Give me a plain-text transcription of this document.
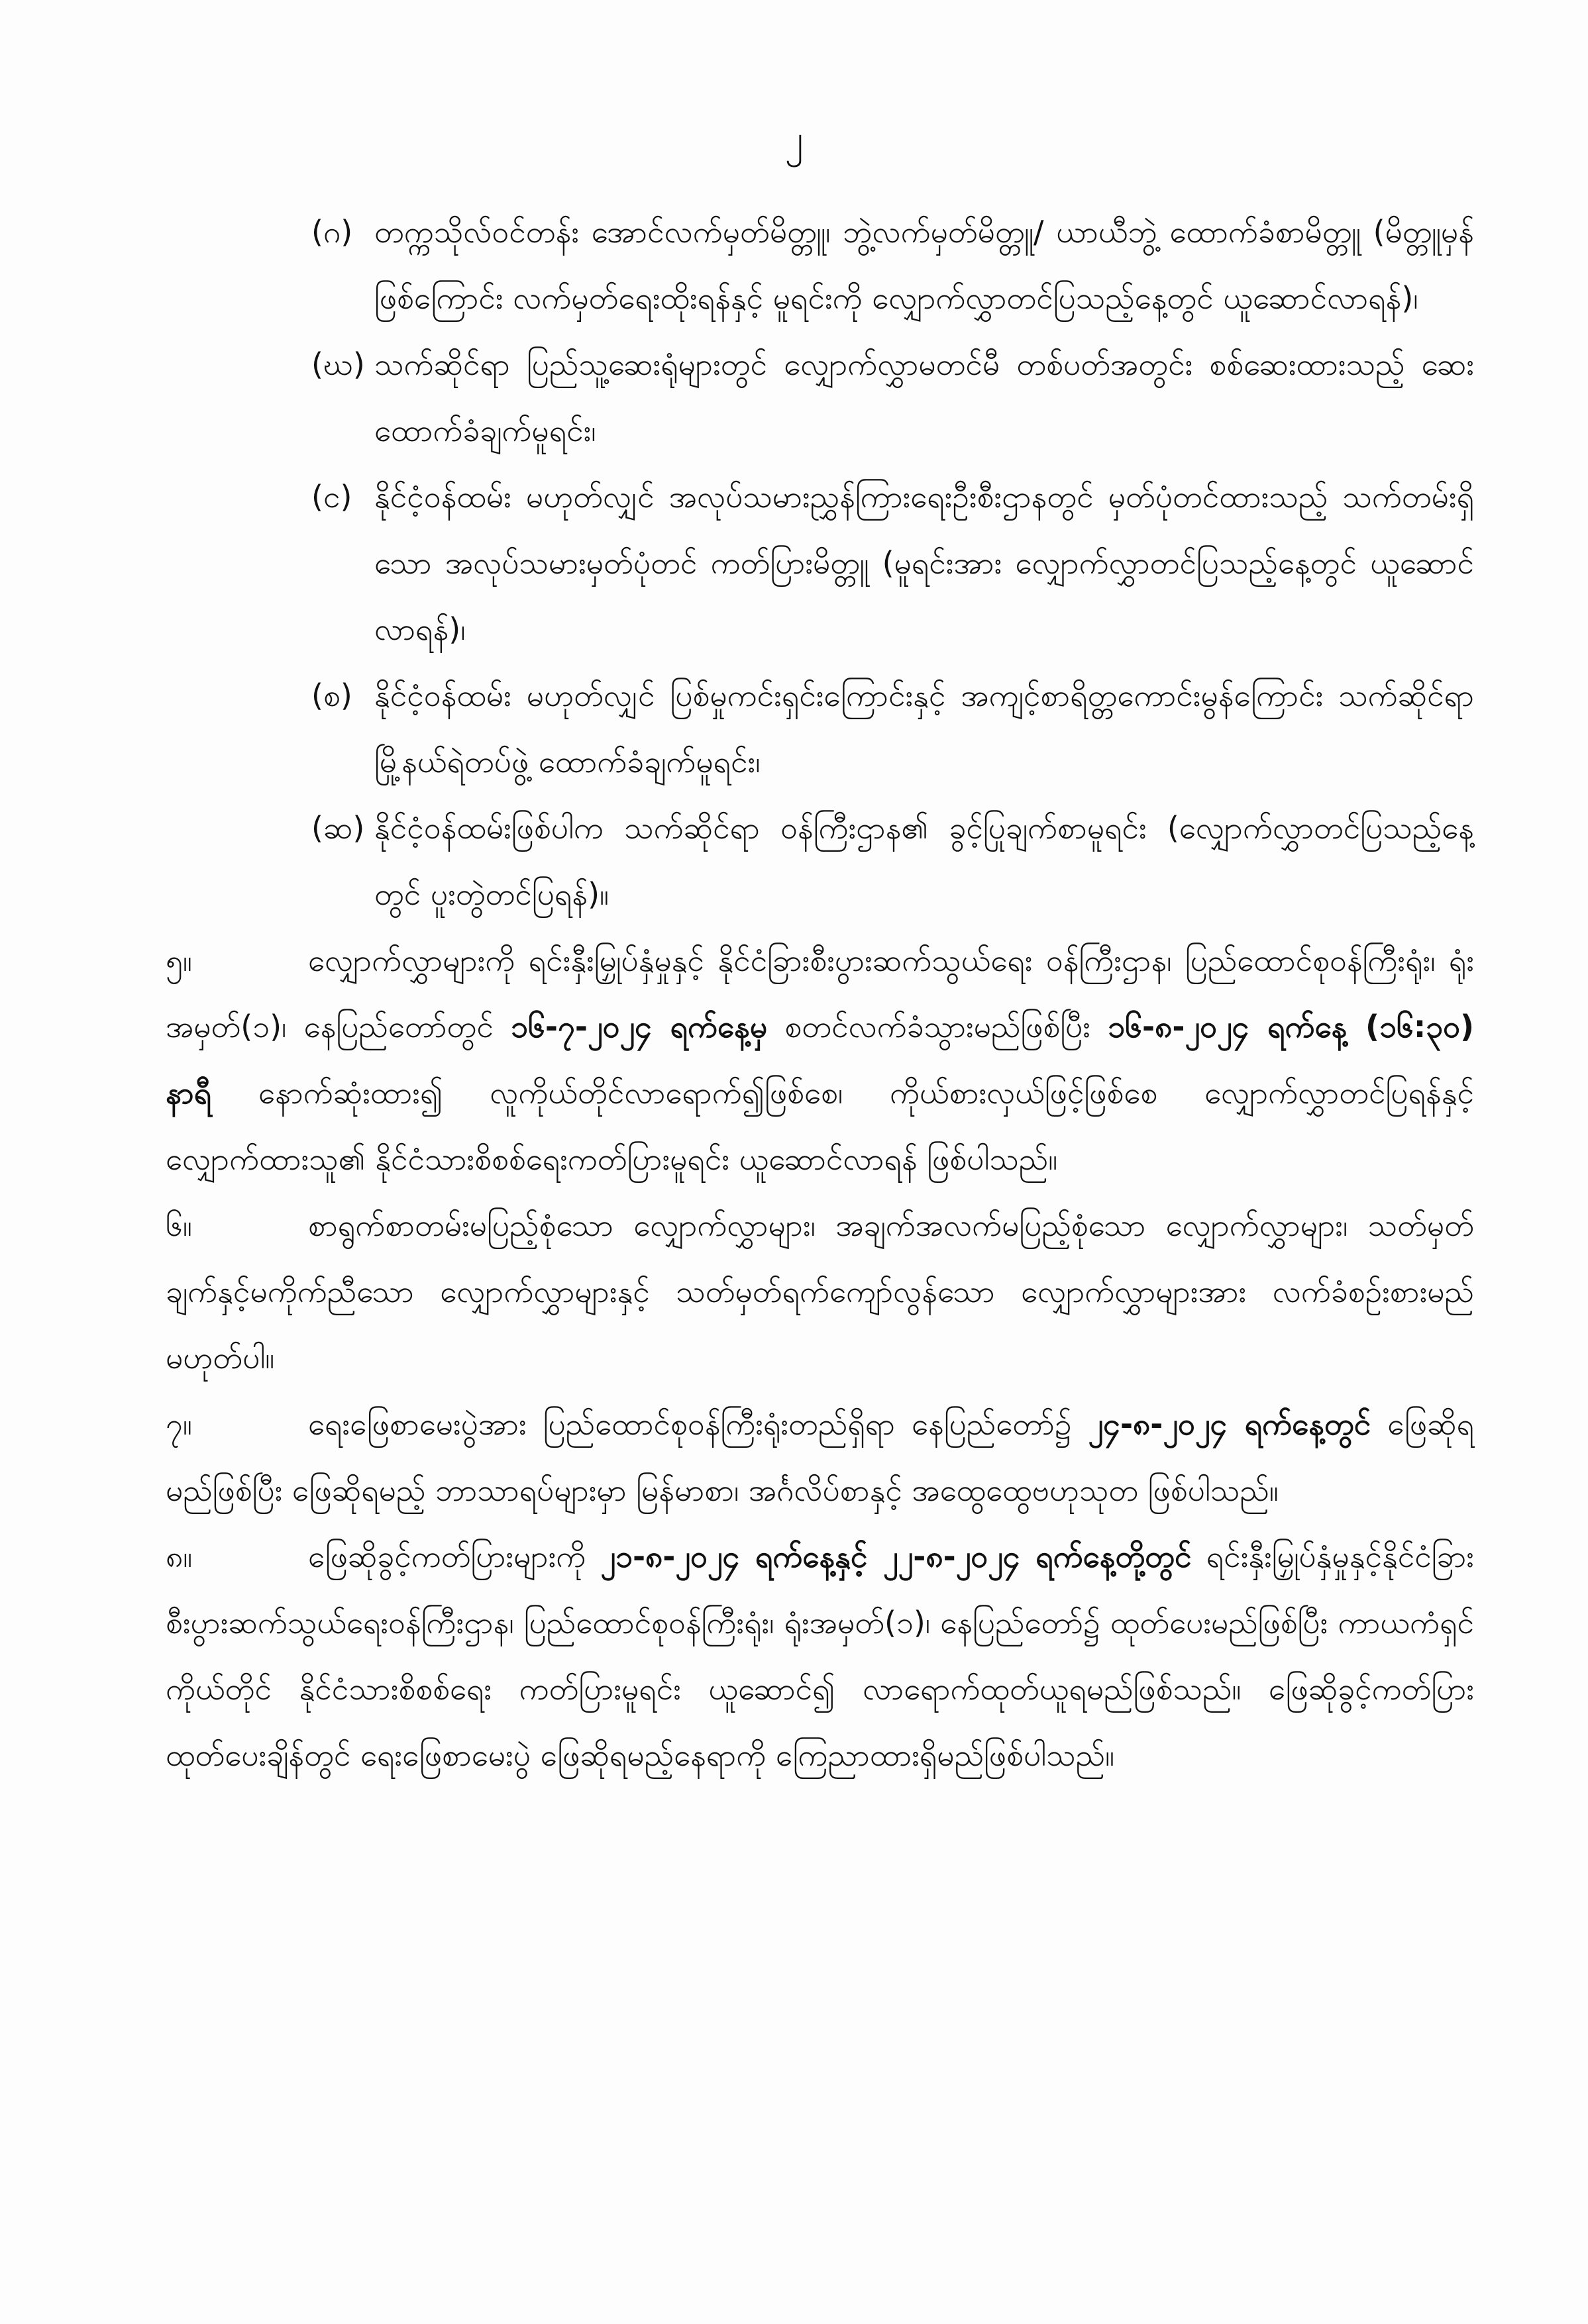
၂
(ဂ) တက္ကသိုလ်ဝင်တန်း အောင်လက်မှတ်မိတ္တူ၊ ဘွဲ့လက်မှတ်မိတ္တူ/ ယာယီဘွဲ့ ထောက်ခံစာမိတ္တူ (မိတ္တူမှန်ဖြစ်ကြောင်း လက်မှတ်ရေးထိုးရန်နှင့် မူရင်းကို လျှောက်လွှာတင်ပြသည့်နေ့တွင် ယူဆောင်လာရန်)၊
(ဃ) သက်ဆိုင်ရာ ပြည်သူ့ဆေးရုံများတွင် လျှောက်လွှာမတင်မီ တစ်ပတ်အတွင်း စစ်ဆေးထားသည့် ဆေးထောက်ခံချက်မူရင်း၊
(င) နိုင်ငံ့ဝန်ထမ်း မဟုတ်လျှင် အလုပ်သမားညွှန်ကြားရေးဦးစီးဌာနတွင် မှတ်ပုံတင်ထားသည့် သက်တမ်းရှိသော အလုပ်သမားမှတ်ပုံတင် ကတ်ပြားမိတ္တူ (မူရင်းအား လျှောက်လွှာတင်ပြသည့်နေ့တွင် ယူဆောင်လာရန်)၊
(စ) နိုင်ငံ့ဝန်ထမ်း မဟုတ်လျှင် ပြစ်မှုကင်းရှင်းကြောင်းနှင့် အကျင့်စာရိတ္တကောင်းမွန်ကြောင်း သက်ဆိုင်ရာ မြို့နယ်ရဲတပ်ဖွဲ့ ထောက်ခံချက်မူရင်း၊
(ဆ) နိုင်ငံ့ဝန်ထမ်းဖြစ်ပါက သက်ဆိုင်ရာ ဝန်ကြီးဌာန၏ ခွင့်ပြုချက်စာမူရင်း (လျှောက်လွှာတင်ပြသည့်နေ့တွင် ပူးတွဲတင်ပြရန်)။
၅။	လျှောက်လွှာများကို ရင်းနှီးမြှုပ်နှံမှုနှင့် နိုင်ငံခြားစီးပွားဆက်သွယ်ရေး ဝန်ကြီးဌာန၊ ပြည်ထောင်စုဝန်ကြီးရုံး၊ ရုံးအမှတ်(၁)၊ နေပြည်တော်တွင် ၁၆-၇-၂၀၂၄ ရက်နေ့မှ စတင်လက်ခံသွားမည်ဖြစ်ပြီး ၁၆-၈-၂၀၂၄ ရက်နေ့ (၁၆:၃၀) နာရီ နောက်ဆုံးထား၍ လူကိုယ်တိုင်လာရောက်၍ဖြစ်စေ၊ ကိုယ်စားလှယ်ဖြင့်ဖြစ်စေ လျှောက်လွှာတင်ပြရန်နှင့် လျှောက်ထားသူ၏ နိုင်ငံသားစိစစ်ရေးကတ်ပြားမူရင်း ယူဆောင်လာရန် ဖြစ်ပါသည်။
၆။	စာရွက်စာတမ်းမပြည့်စုံသော လျှောက်လွှာများ၊ အချက်အလက်မပြည့်စုံသော လျှောက်လွှာများ၊ သတ်မှတ်ချက်နှင့်မကိုက်ညီသော လျှောက်လွှာများနှင့် သတ်မှတ်ရက်ကျော်လွန်သော လျှောက်လွှာများအား လက်ခံစဉ်းစားမည် မဟုတ်ပါ။
၇။	ရေးဖြေစာမေးပွဲအား ပြည်ထောင်စုဝန်ကြီးရုံးတည်ရှိရာ နေပြည်တော်၌ ၂၄-၈-၂၀၂၄ ရက်နေ့တွင် ဖြေဆိုရမည်ဖြစ်ပြီး ဖြေဆိုရမည့် ဘာသာရပ်များမှာ မြန်မာစာ၊ အင်္ဂလိပ်စာနှင့် အထွေထွေဗဟုသုတ ဖြစ်ပါသည်။
၈။	ဖြေဆိုခွင့်ကတ်ပြားများကို ၂၁-၈-၂၀၂၄ ရက်နေ့နှင့် ၂၂-၈-၂၀၂၄ ရက်နေ့တို့တွင် ရင်းနှီးမြှုပ်နှံမှုနှင့်နိုင်ငံခြားစီးပွားဆက်သွယ်ရေးဝန်ကြီးဌာန၊ ပြည်ထောင်စုဝန်ကြီးရုံး၊ ရုံးအမှတ်(၁)၊ နေပြည်တော်၌ ထုတ်ပေးမည်ဖြစ်ပြီး ကာယကံရှင်ကိုယ်တိုင် နိုင်ငံသားစိစစ်ရေး ကတ်ပြားမူရင်း ယူဆောင်၍ လာရောက်ထုတ်ယူရမည်ဖြစ်သည်။ ဖြေဆိုခွင့်ကတ်ပြားထုတ်ပေးချိန်တွင် ရေးဖြေစာမေးပွဲ ဖြေဆိုရမည့်နေရာကို ကြေညာထားရှိမည်ဖြစ်ပါသည်။
